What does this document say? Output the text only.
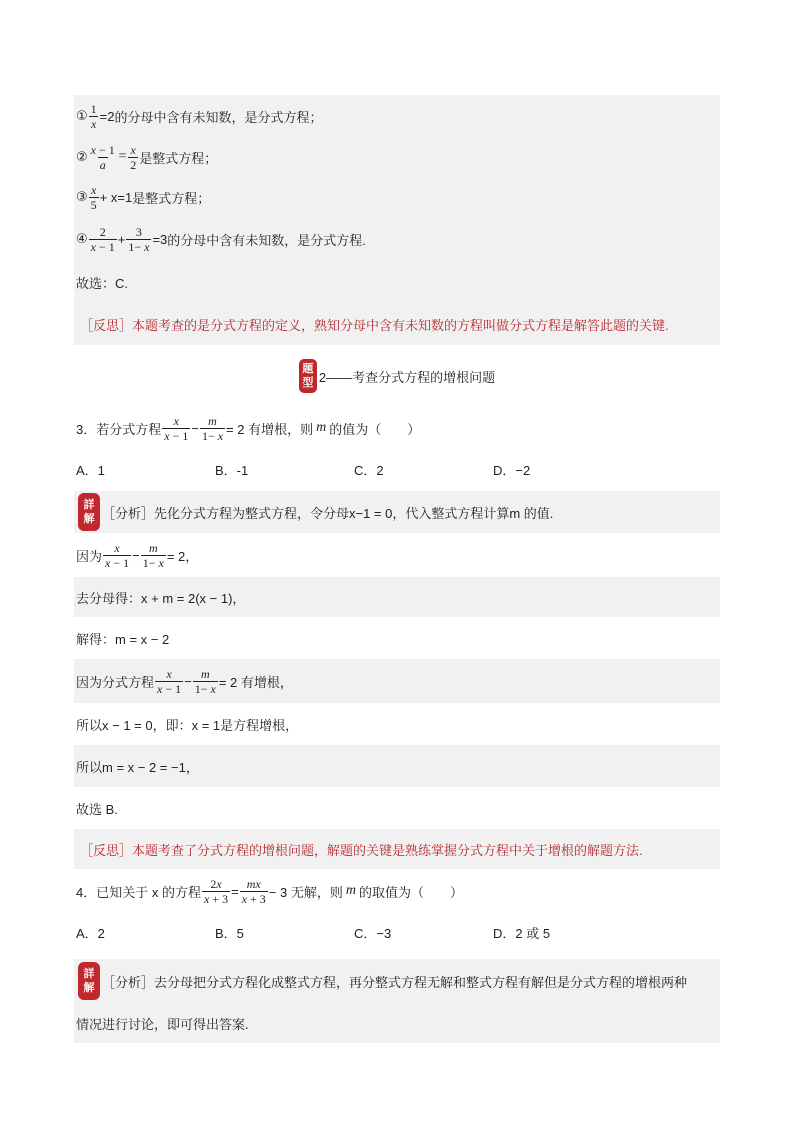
① $\frac{1}{x} =2$ 的分母中含有未知数，是分式方程；
② $\frac{x - 1}{a} = \frac{x}{2}$ 是整式方程；
③ $\frac{x}{5} + x=1$ 是整式方程；
④ $\frac{2}{x - 1} + \frac{3}{1- x} =3$ 的分母中含有未知数，是分式方程.
故选：C.
［反思］本题考查的是分式方程的定义，熟知分母中含有未知数的方程叫做分式方程是解答此题的关键.
题
型 2——考查分式方程的增根问题
3．若分式方程 $\frac{x}{x - 1} - \frac{m}{1- x} = 2$ 有增根，则 m 的值为（　　）
A．1	B．-1	C．2	D．−2
詳
解 ［分析］先化分式方程为整式方程，令分母x−1 = 0，代入整式方程计算m 的值.
因为 $\frac{x}{x - 1} - \frac{m}{1- x} = 2$，
去分母得：x + m = 2(x − 1)，
解得：m = x − 2
因为分式方程 $\frac{x}{x - 1} - \frac{m}{1- x} = 2$ 有增根，
所以x − 1 = 0，即：x = 1是方程增根，
所以m = x − 2 = −1，
故选 B.
［反思］本题考查了分式方程的增根问题，解题的关键是熟练掌握分式方程中关于增根的解题方法.
4．已知关于 x 的方程 $\frac{2x}{x + 3} = \frac{mx}{x + 3} - 3$ 无解，则 m 的取值为（　　）
A．2	B．5	C．−3	D．2 或 5
詳
解 ［分析］去分母把分式方程化成整式方程，再分整式方程无解和整式方程有解但是分式方程的增根两种
情况进行讨论，即可得出答案.
